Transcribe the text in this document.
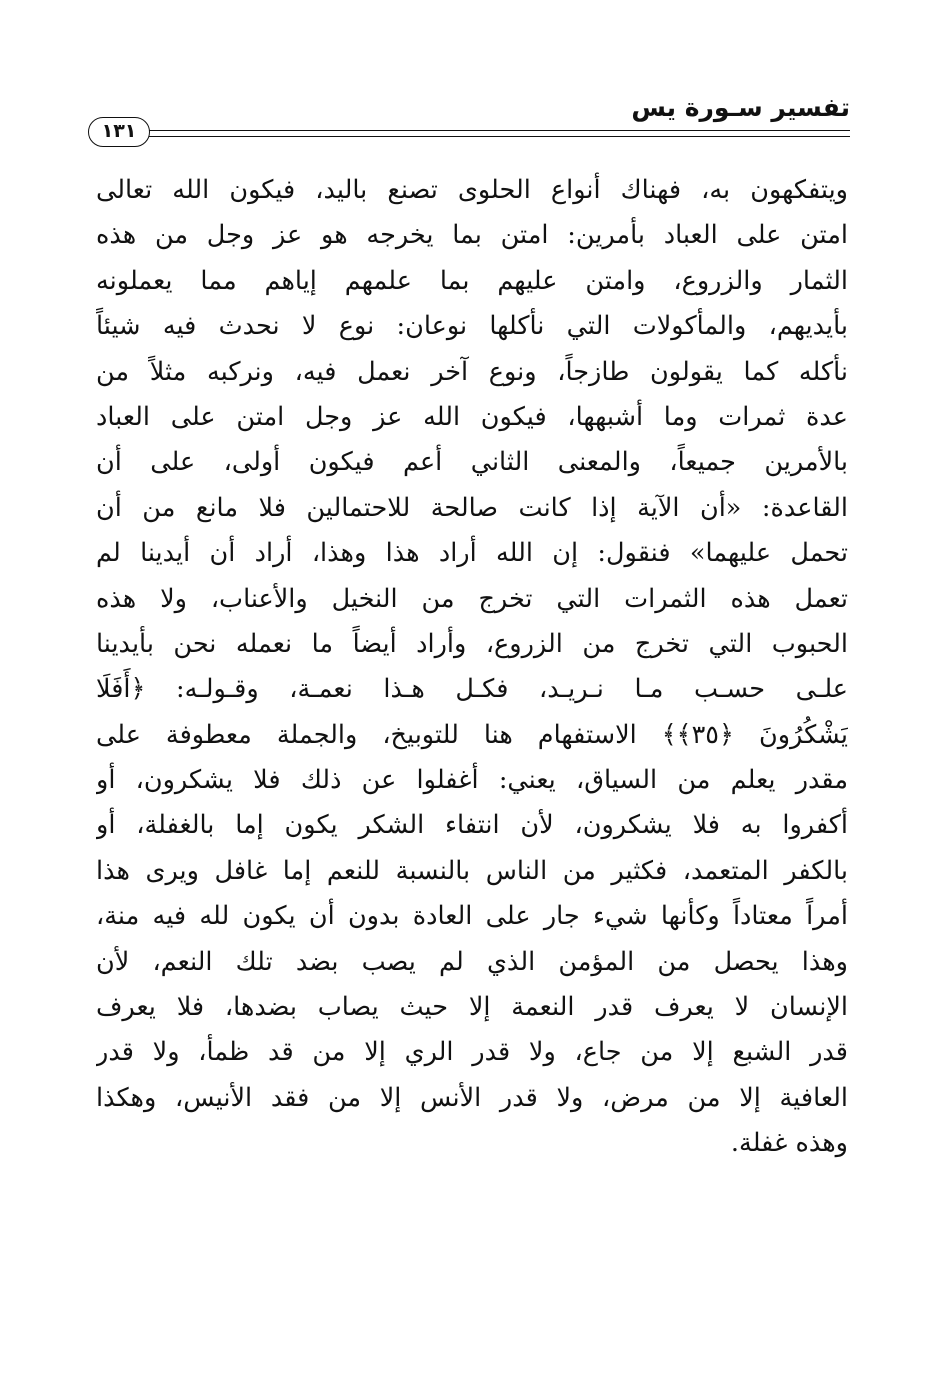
تفسير سـورة يس
١٣١
ويتفكهون به، فهناك أنواع الحلوى تصنع باليد، فيكون الله تعالى
امتن على العباد بأمرين: امتن بما يخرجه هو عز وجل من هذه
الثمار والزروع، وامتن عليهم بما علمهم إياهم مما يعملونه
بأيديهم، والمأكولات التي نأكلها نوعان: نوع لا نحدث فيه شيئاً
نأكله كما يقولون طازجاً، ونوع آخر نعمل فيه، ونركبه مثلاً من
عدة ثمرات وما أشبهها، فيكون الله عز وجل امتن على العباد
بالأمرين جميعاً، والمعنى الثاني أعم فيكون أولى، على أن
القاعدة: «أن الآية إذا كانت صالحة للاحتمالين فلا مانع من أن
تحمل عليهما» فنقول: إن الله أراد هذا وهذا، أراد أن أيدينا لم
تعمل هذه الثمرات التي تخرج من النخيل والأعناب، ولا هذه
الحبوب التي تخرج من الزروع، وأراد أيضاً ما نعمله نحن بأيدينا
علـى حسـب مـا نـريـد، فكـل هـذا نعمـة، وقـولـه: ﴿أَفَلَا
يَشْكُرُونَ ﴿٣٥﴾﴾ الاستفهام هنا للتوبيخ، والجملة معطوفة على
مقدر يعلم من السياق، يعني: أغفلوا عن ذلك فلا يشكرون، أو
أكفروا به فلا يشكرون، لأن انتفاء الشكر يكون إما بالغفلة، أو
بالكفر المتعمد، فكثير من الناس بالنسبة للنعم إما غافل ويرى هذا
أمراً معتاداً وكأنها شيء جار على العادة بدون أن يكون لله فيه منة،
وهذا يحصل من المؤمن الذي لم يصب بضد تلك النعم، لأن
الإنسان لا يعرف قدر النعمة إلا حيث يصاب بضدها، فلا يعرف
قدر الشبع إلا من جاع، ولا قدر الري إلا من قد ظمأ، ولا قدر
العافية إلا من مرض، ولا قدر الأنس إلا من فقد الأنيس، وهكذا
وهذه غفلة.
